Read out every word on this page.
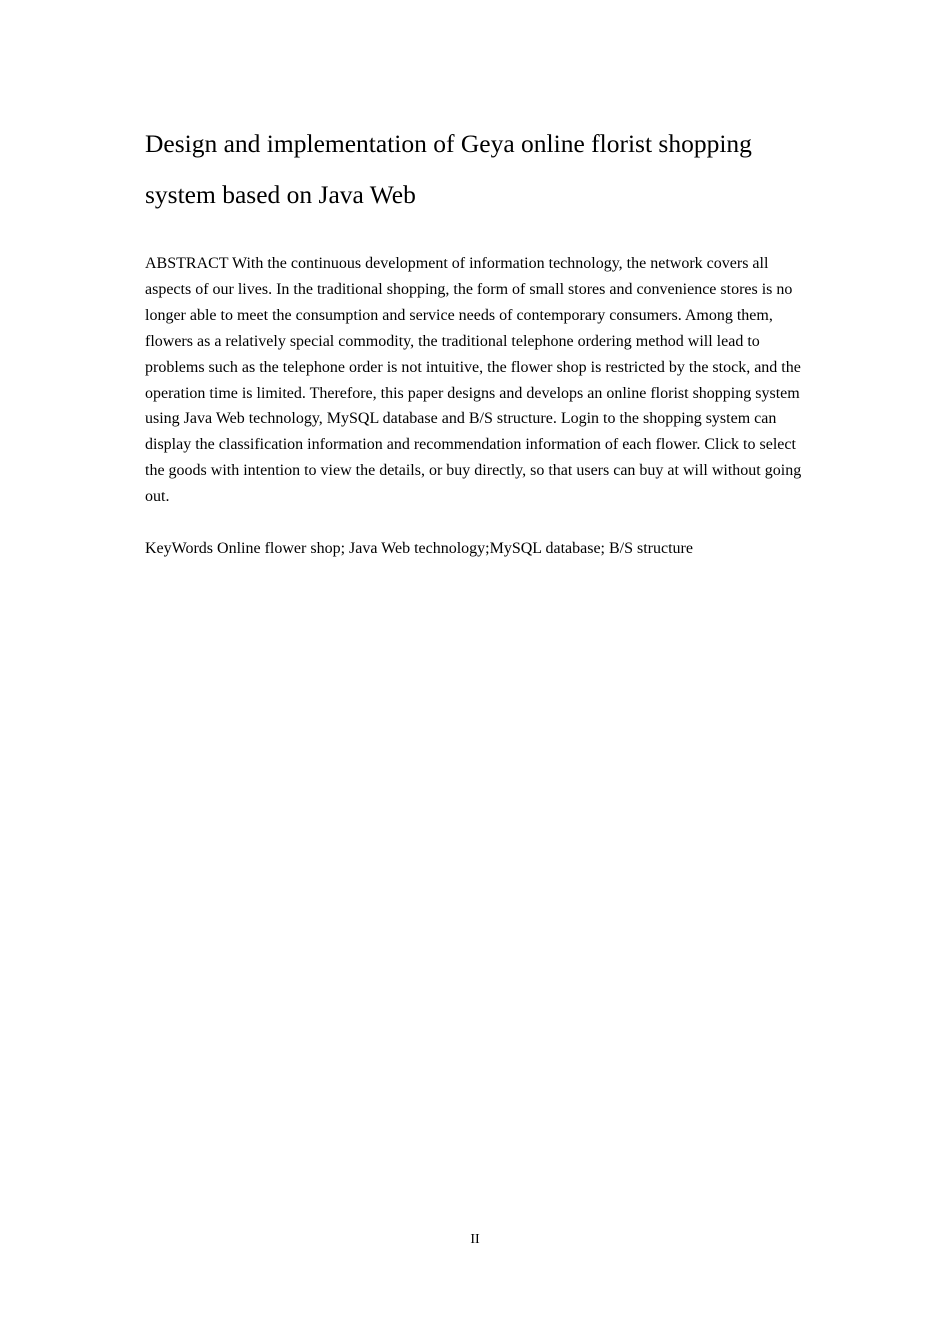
Design and implementation of Geya online florist shopping
system based on Java Web

ABSTRACT With the continuous development of information technology, the network covers all aspects of our lives. In the traditional shopping, the form of small stores and convenience stores is no longer able to meet the consumption and service needs of contemporary consumers. Among them, flowers as a relatively special commodity, the traditional telephone ordering method will lead to problems such as the telephone order is not intuitive, the flower shop is restricted by the stock, and the operation time is limited. Therefore, this paper designs and develops an online florist shopping system using Java Web technology, MySQL database and B/S structure. Login to the shopping system can display the classification information and recommendation information of each flower. Click to select the goods with intention to view the details, or buy directly, so that users can buy at will without going out.

KeyWords Online flower shop; Java Web technology;MySQL database; B/S structure

II
